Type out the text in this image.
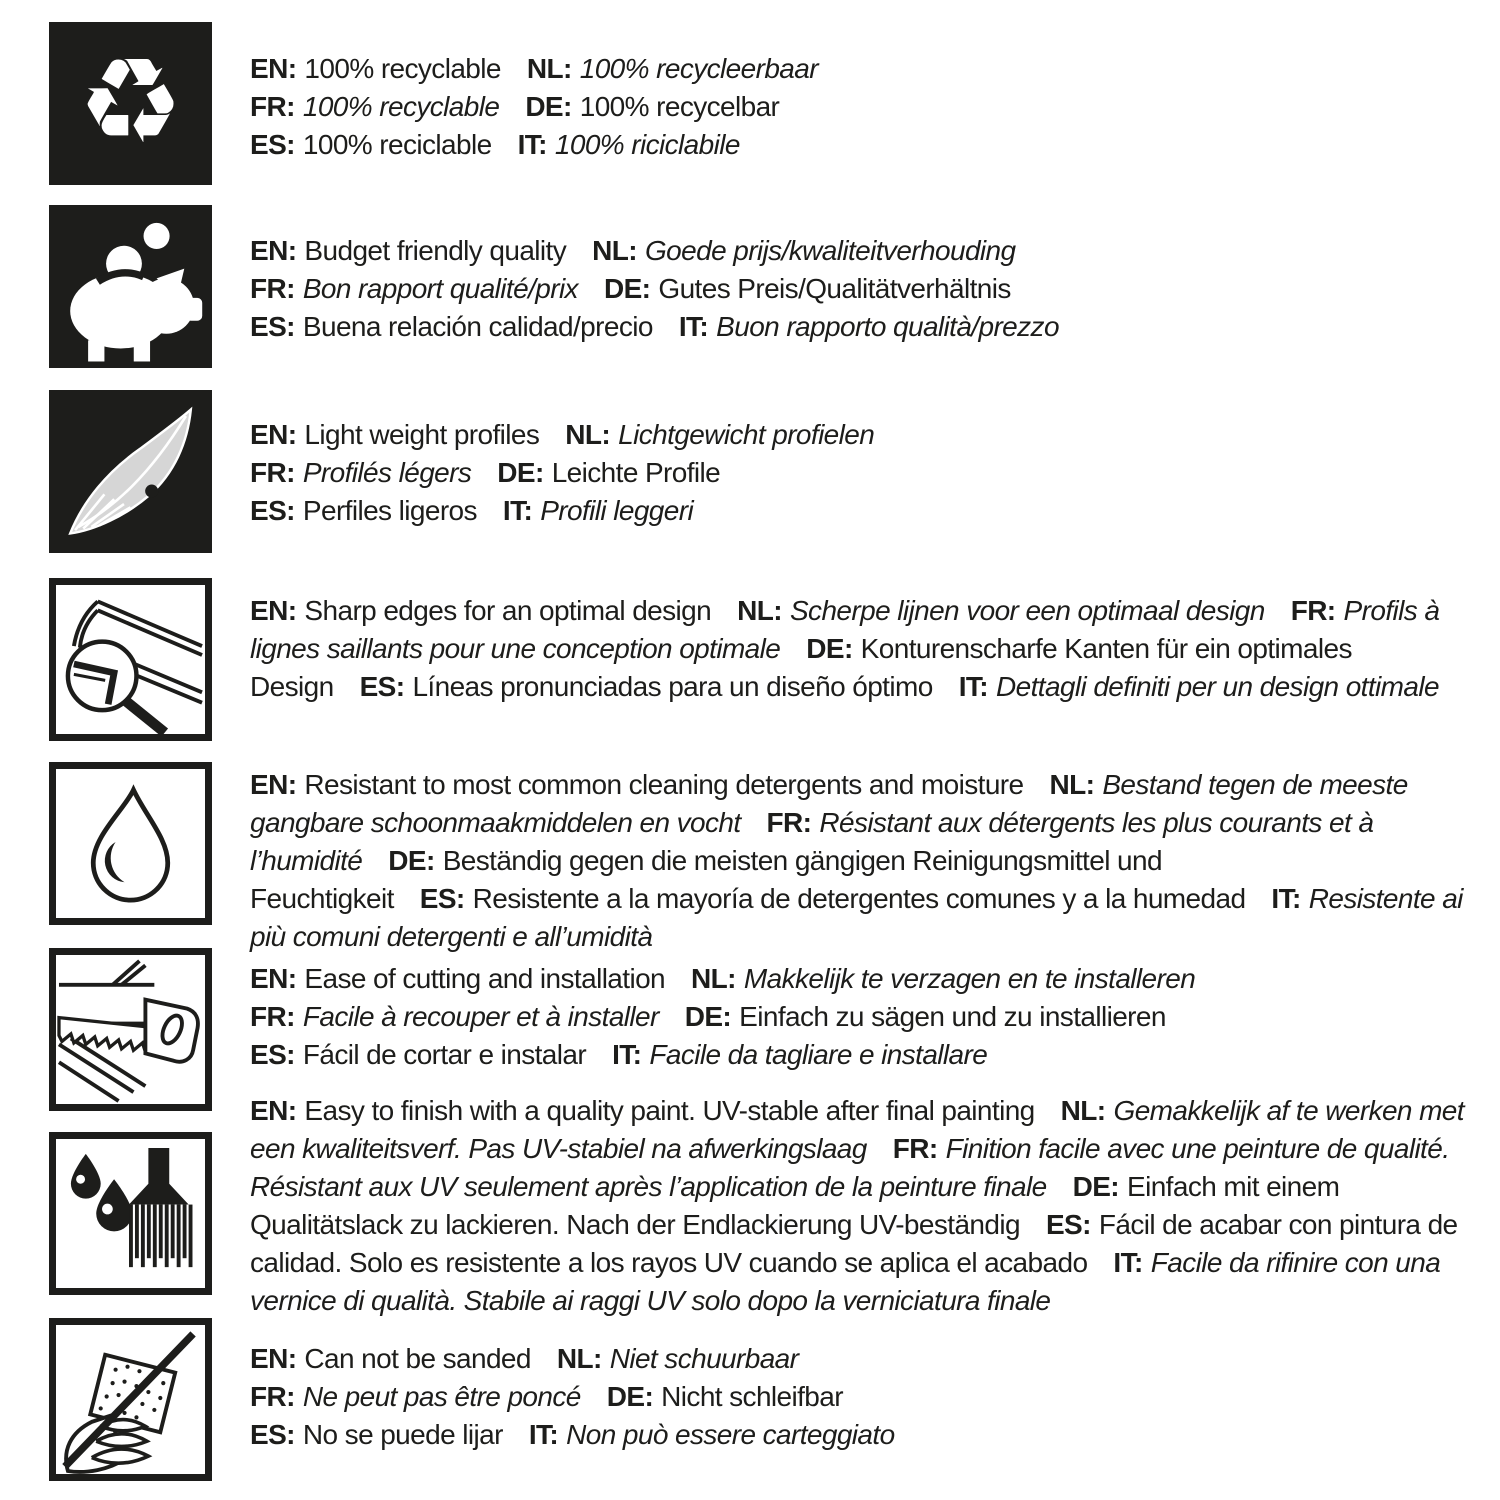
♻ EN: 100% recyclable NL: 100% recycleerbaar
FR: 100% recyclable DE: 100% recycelbar
ES: 100% reciclable IT: 100% riciclabile

EN: Budget friendly quality NL: Goede prijs/kwaliteitverhouding
FR: Bon rapport qualité/prix DE: Gutes Preis/Qualitätverhältnis
ES: Buena relación calidad/precio IT: Buon rapporto qualità/prezzo

EN: Light weight profiles NL: Lichtgewicht profielen
FR: Profilés légers DE: Leichte Profile
ES: Perfiles ligeros IT: Profili leggeri

EN: Sharp edges for an optimal design NL: Scherpe lijnen voor een optimaal design FR: Profils à lignes saillants pour une conception optimale DE: Konturenscharfe Kanten für ein optimales Design ES: Líneas pronunciadas para un diseño óptimo IT: Dettagli definiti per un design ottimale

EN: Resistant to most common cleaning detergents and moisture NL: Bestand tegen de meeste gangbare schoonmaakmiddelen en vocht FR: Résistant aux détergents les plus courants et à l’humidité DE: Beständig gegen die meisten gängigen Reinigungsmittel und Feuchtigkeit ES: Resistente a la mayoría de detergentes comunes y a la humedad IT: Resistente ai più comuni detergenti e all’umidità

EN: Ease of cutting and installation NL: Makkelijk te verzagen en te installeren
FR: Facile à recouper et à installer DE: Einfach zu sägen und zu installieren
ES: Fácil de cortar e instalar IT: Facile da tagliare e installare

EN: Easy to finish with a quality paint. UV-stable after final painting NL: Gemakkelijk af te werken met een kwaliteitsverf. Pas UV-stabiel na afwerkingslaag FR: Finition facile avec une peinture de qualité. Résistant aux UV seulement après l’application de la peinture finale DE: Einfach mit einem Qualitätslack zu lackieren. Nach der Endlackierung UV-beständig ES: Fácil de acabar con pintura de calidad. Solo es resistente a los rayos UV cuando se aplica el acabado IT: Facile da rifinire con una vernice di qualità. Stabile ai raggi UV solo dopo la verniciatura finale

EN: Can not be sanded NL: Niet schuurbaar
FR: Ne peut pas être poncé DE: Nicht schleifbar
ES: No se puede lijar IT: Non può essere carteggiato
